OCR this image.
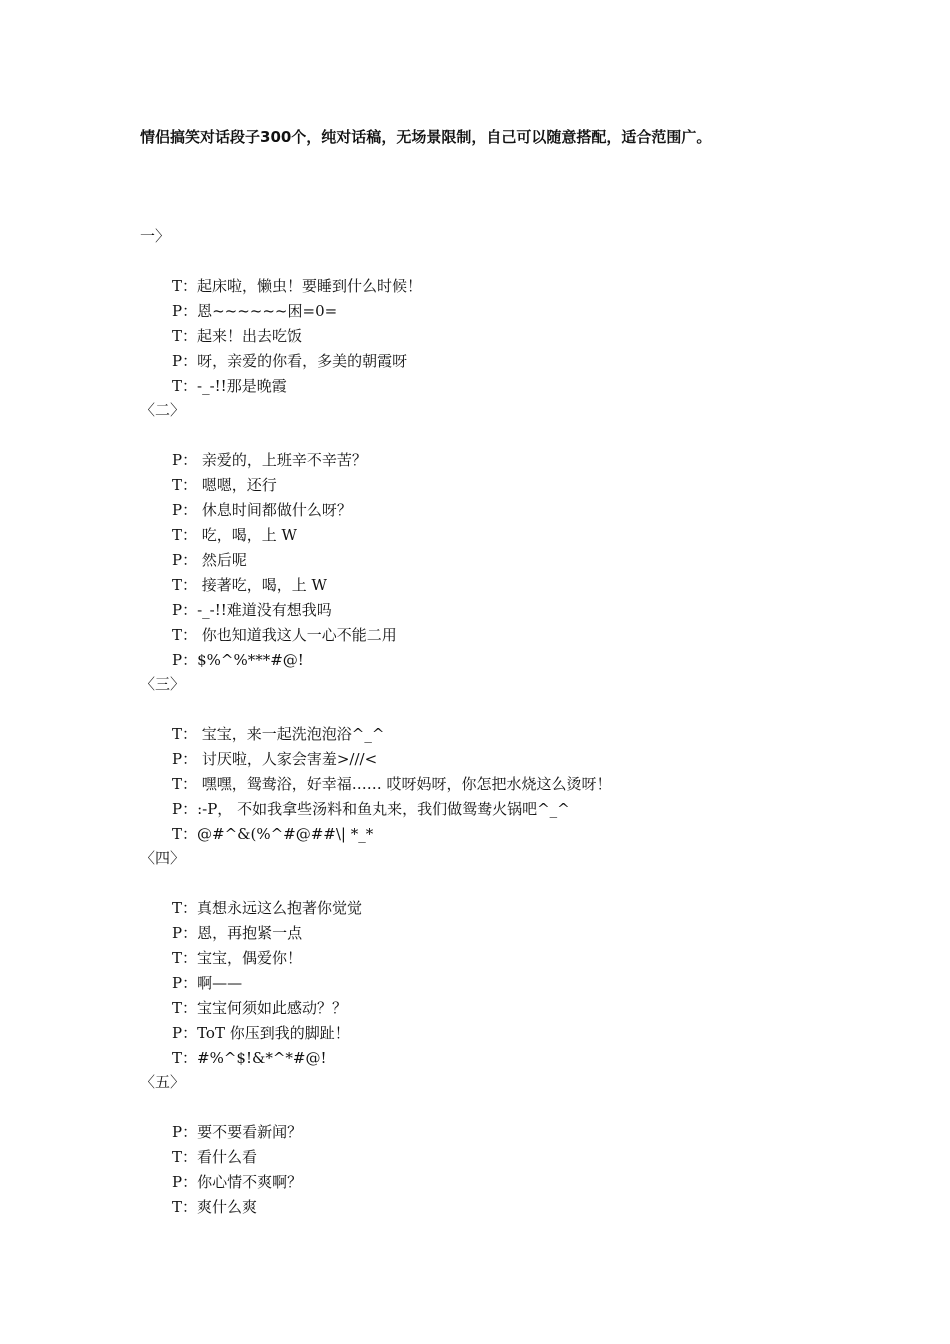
情侣搞笑对话段子300个，纯对话稿，无场景限制，自己可以随意搭配，适合范围广。
一〉
T：起床啦，懒虫！要睡到什么时候！
P：恩~~~~~~困=0=
T：起来！出去吃饭
P：呀，亲爱的你看，多美的朝霞呀
T：-_-!!那是晚霞
〈二〉
P： 亲爱的，上班辛不辛苦？
T： 嗯嗯，还行
P： 休息时间都做什么呀？
T： 吃，喝，上 W
P： 然后呢
T： 接著吃，喝，上 W
P：-_-!!难道没有想我吗
T： 你也知道我这人一心不能二用
P：$%^%***#@!
〈三〉
T： 宝宝，来一起洗泡泡浴^_^
P： 讨厌啦，人家会害羞>///<
T： 嘿嘿，鸳鸯浴，好幸福…… 哎呀妈呀，你怎把水烧这么烫呀！
P：:-P， 不如我拿些汤料和鱼丸来，我们做鸳鸯火锅吧^_^
T：@#^&(%^#@##\| *_*
〈四〉
T：真想永远这么抱著你觉觉
P：恩，再抱紧一点
T：宝宝，偶爱你！
P：啊——
T：宝宝何须如此感动？？
P：ToT 你压到我的脚趾！
T：#%^$!&*^*#@!
〈五〉
P：要不要看新闻？
T：看什么看
P：你心情不爽啊？
T：爽什么爽
